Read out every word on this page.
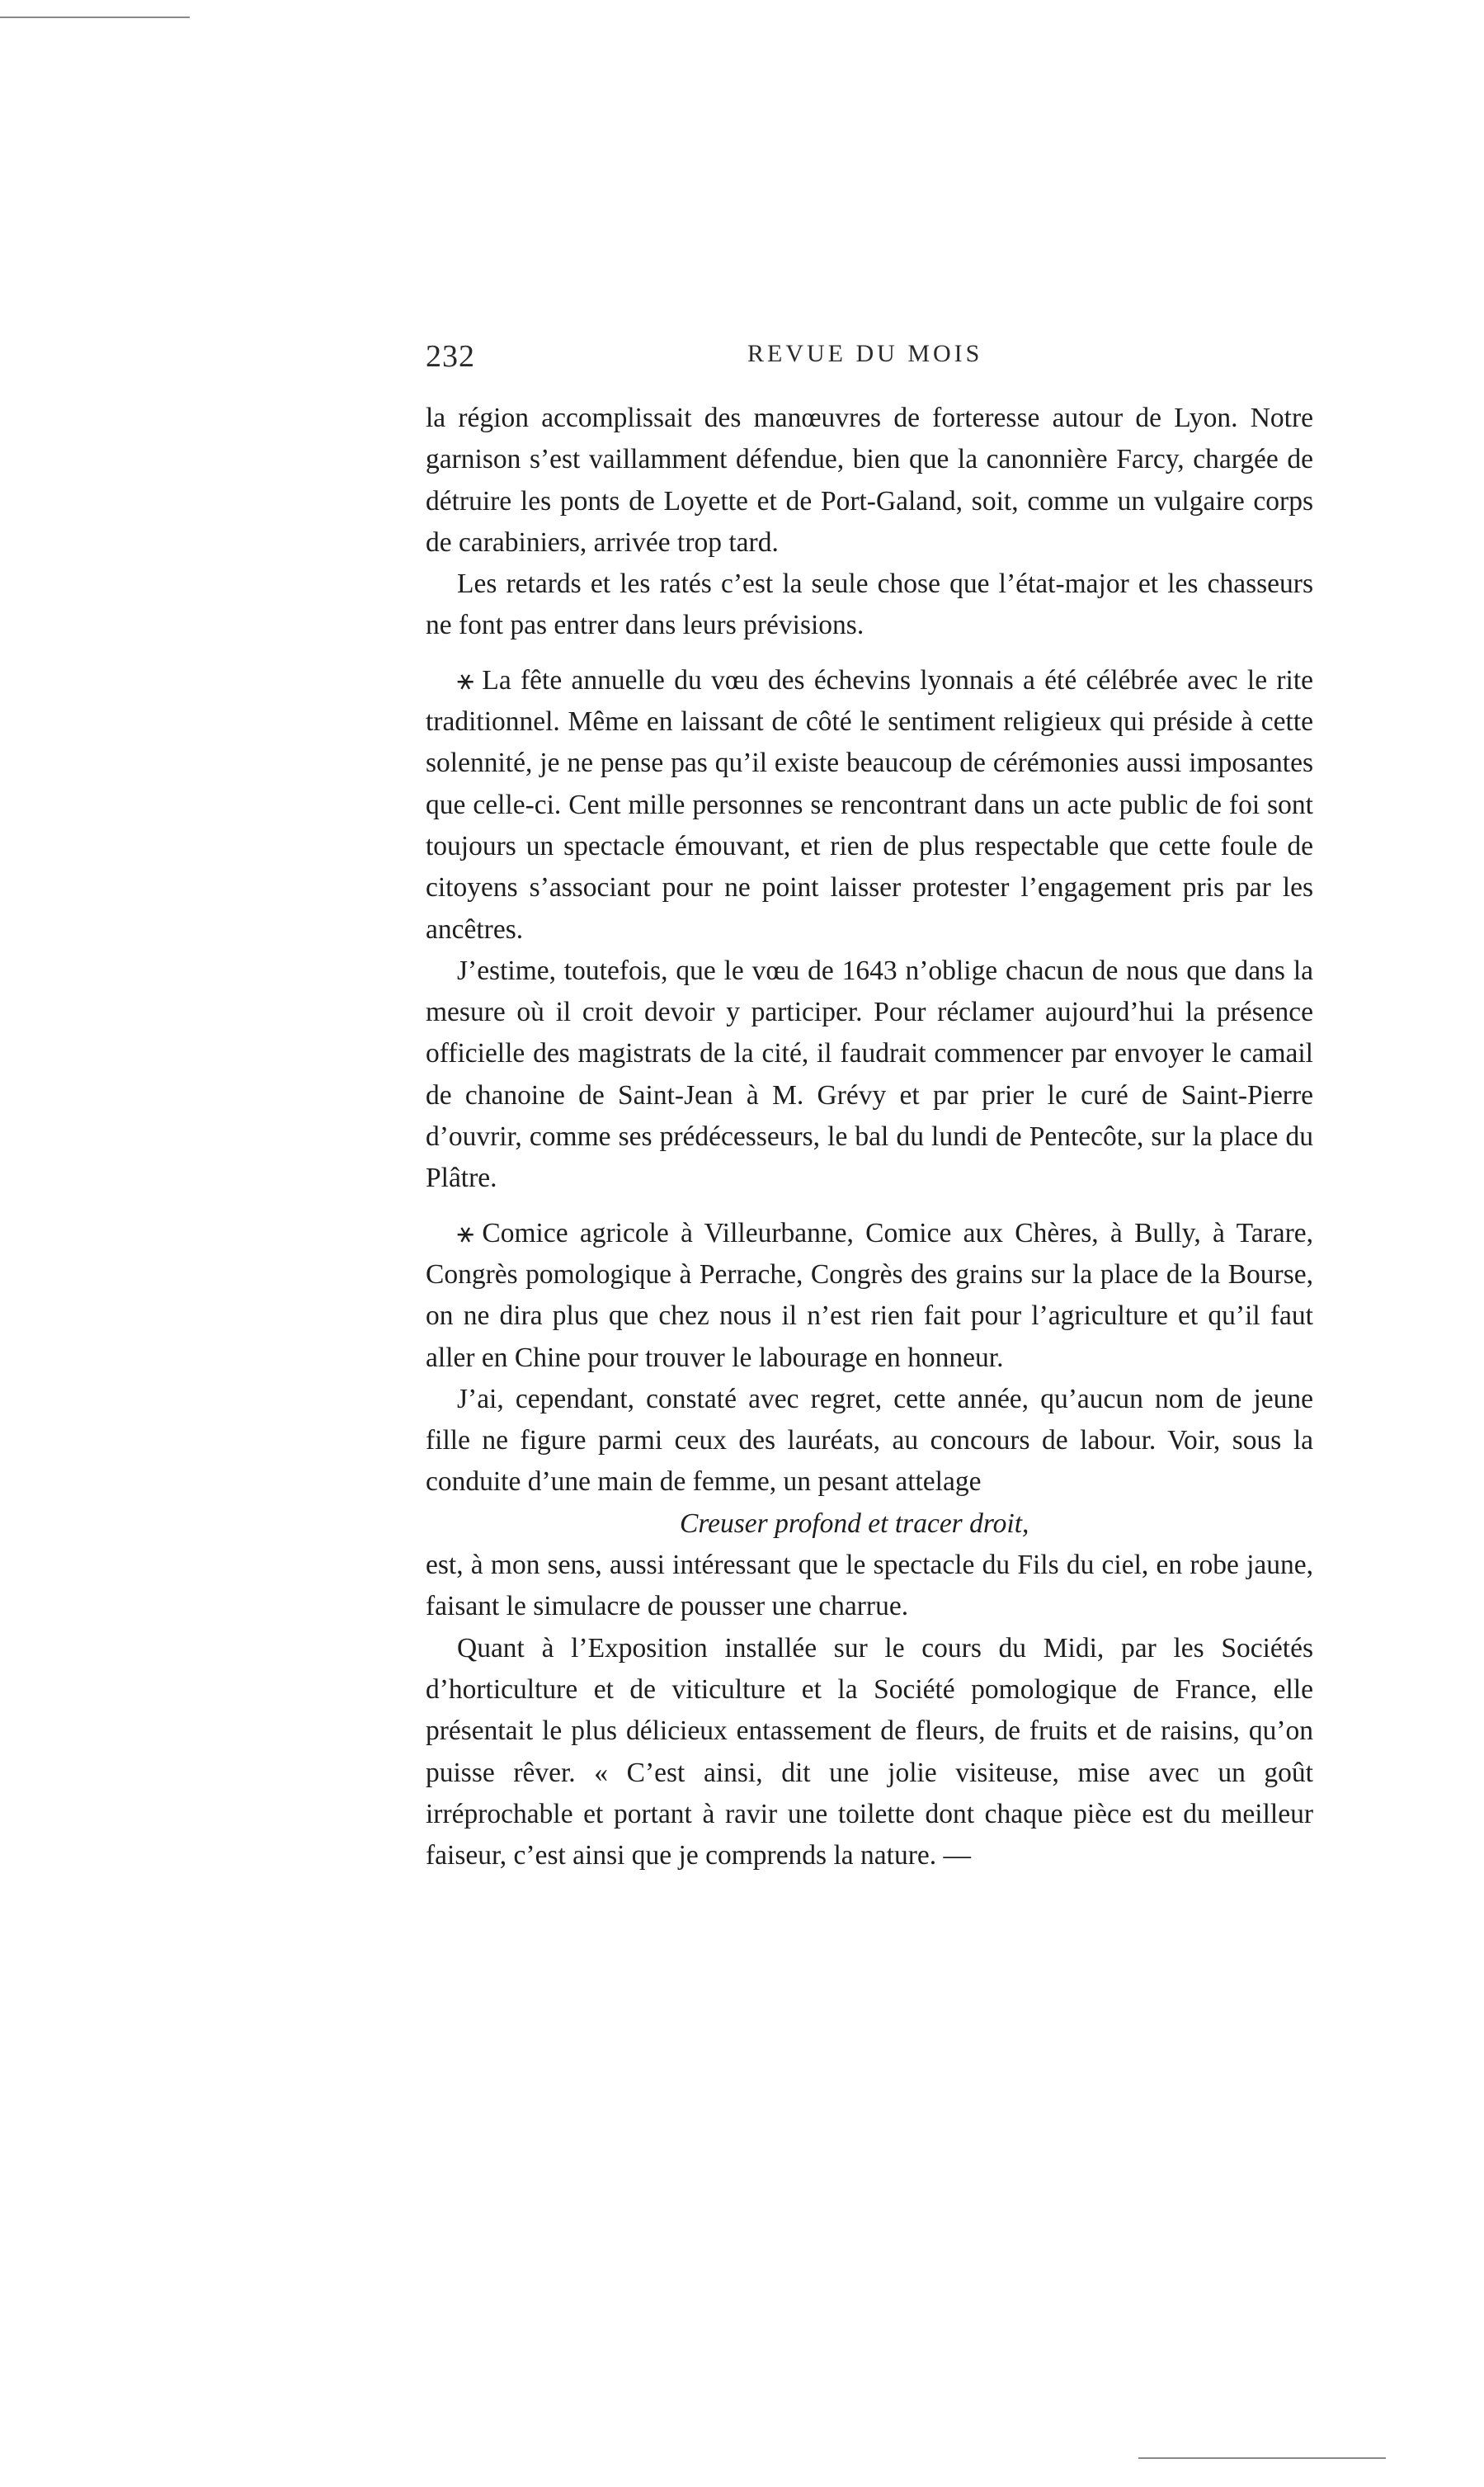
232	REVUE DU MOIS

la région accomplissait des manœuvres de forteresse autour de Lyon. Notre garnison s’est vaillamment défendue, bien que la canonnière Farcy, chargée de détruire les ponts de Loyette et de Port-Galand, soit, comme un vulgaire corps de carabiniers, arrivée trop tard.

Les retards et les ratés c’est la seule chose que l’état-major et les chasseurs ne font pas entrer dans leurs prévisions.

⚹ La fête annuelle du vœu des échevins lyonnais a été célébrée avec le rite traditionnel. Même en laissant de côté le sentiment religieux qui préside à cette solennité, je ne pense pas qu’il existe beaucoup de cérémonies aussi imposantes que celle-ci. Cent mille personnes se rencontrant dans un acte public de foi sont toujours un spectacle émouvant, et rien de plus respectable que cette foule de citoyens s’associant pour ne point laisser protester l’engagement pris par les ancêtres.

J’estime, toutefois, que le vœu de 1643 n’oblige chacun de nous que dans la mesure où il croit devoir y participer. Pour réclamer aujourd’hui la présence officielle des magistrats de la cité, il faudrait commencer par envoyer le camail de chanoine de Saint-Jean à M. Grévy et par prier le curé de Saint-Pierre d’ouvrir, comme ses prédécesseurs, le bal du lundi de Pentecôte, sur la place du Plâtre.

⚹ Comice agricole à Villeurbanne, Comice aux Chères, à Bully, à Tarare, Congrès pomologique à Perrache, Congrès des grains sur la place de la Bourse, on ne dira plus que chez nous il n’est rien fait pour l’agriculture et qu’il faut aller en Chine pour trouver le labourage en honneur.

J’ai, cependant, constaté avec regret, cette année, qu’aucun nom de jeune fille ne figure parmi ceux des lauréats, au concours de labour. Voir, sous la conduite d’une main de femme, un pesant attelage

Creuser profond et tracer droit,

est, à mon sens, aussi intéressant que le spectacle du Fils du ciel, en robe jaune, faisant le simulacre de pousser une charrue.

Quant à l’Exposition installée sur le cours du Midi, par les Sociétés d’horticulture et de viticulture et la Société pomologique de France, elle présentait le plus délicieux entassement de fleurs, de fruits et de raisins, qu’on puisse rêver. « C’est ainsi, dit une jolie visiteuse, mise avec un goût irréprochable et portant à ravir une toilette dont chaque pièce est du meilleur faiseur, c’est ainsi que je comprends la nature. —
